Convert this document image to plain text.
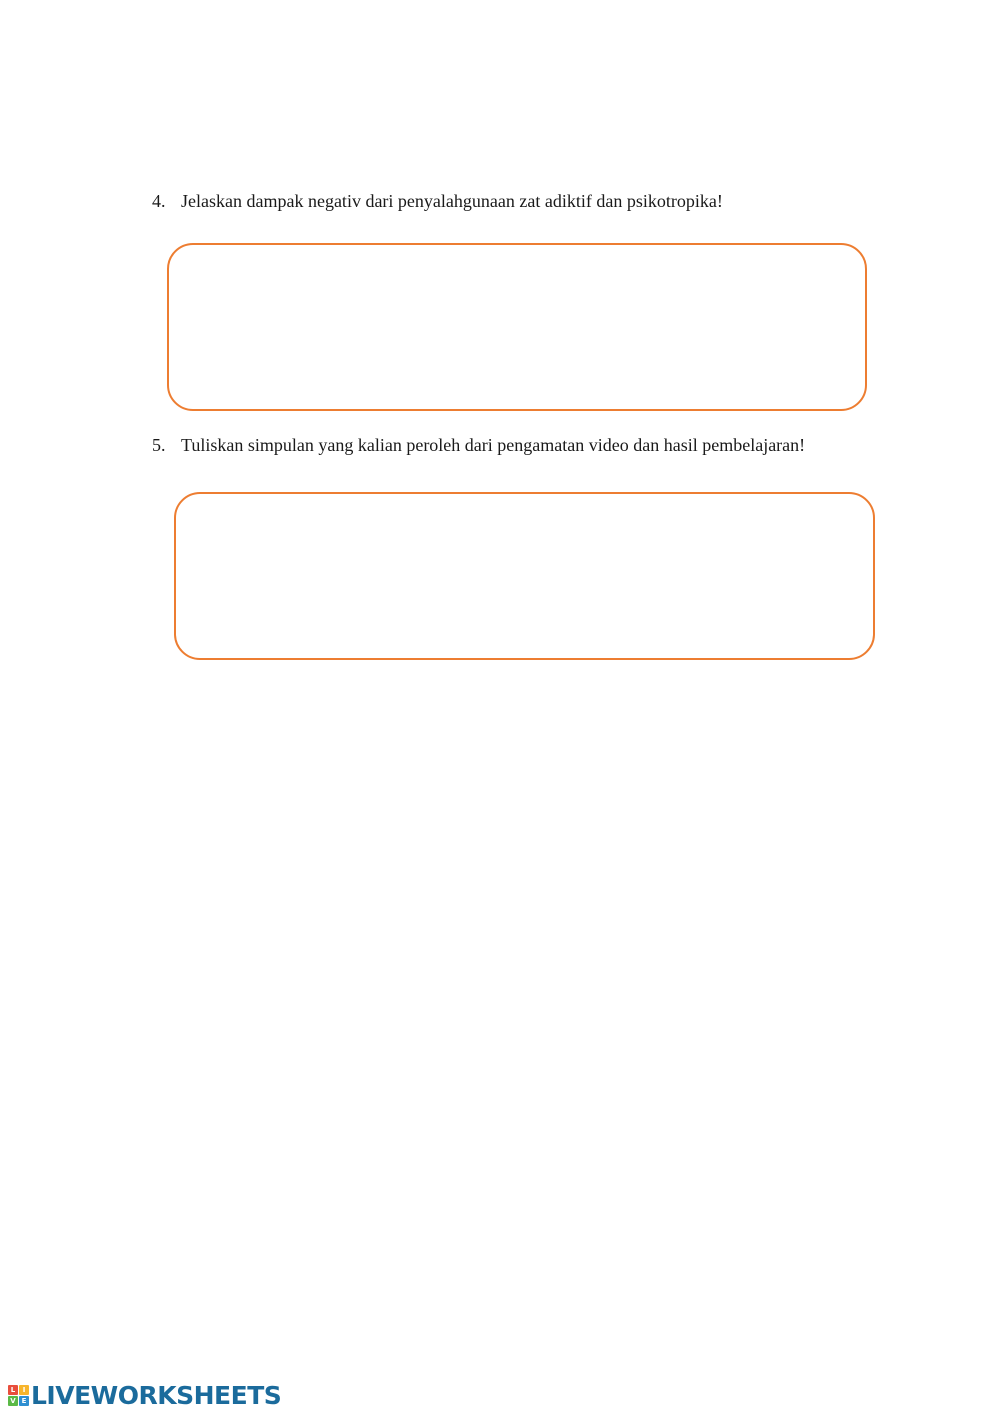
4. Jelaskan dampak negativ dari penyalahgunaan zat adiktif dan psikotropika!
5. Tuliskan simpulan yang kalian peroleh dari pengamatan video dan hasil pembelajaran!
L	I
V E LIVEWORKSHEETS
